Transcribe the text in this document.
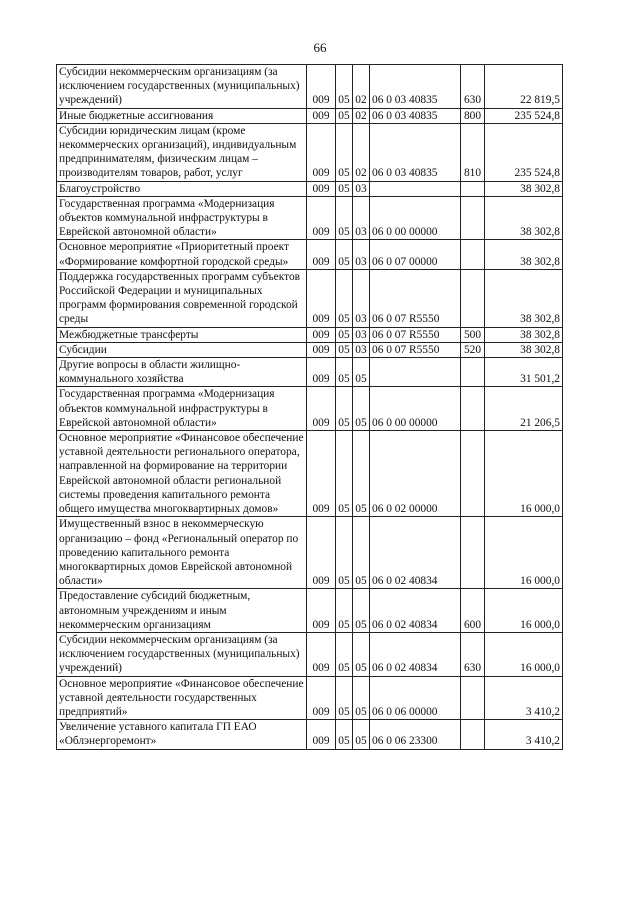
66
Субсидии некоммерческим организациям (за исключением государственных (муниципальных) учреждений)	009	05	02	06 0 03 40835	630	22 819,5
Иные бюджетные ассигнования	009	05	02	06 0 03 40835	800	235 524,8
Субсидии юридическим лицам (кроме некоммерческих организаций), индивидуальным предпринимателям, физическим лицам – производителям товаров, работ, услуг	009	05	02	06 0 03 40835	810	235 524,8
Благоустройство	009	05	03			38 302,8
Государственная программа «Модернизация объектов коммунальной инфраструктуры в Еврейской автономной области»	009	05	03	06 0 00 00000		38 302,8
Основное мероприятие «Приоритетный проект «Формирование комфортной городской среды»	009	05	03	06 0 07 00000		38 302,8
Поддержка государственных программ субъектов Российской Федерации и муниципальных программ формирования современной городской среды	009	05	03	06 0 07 R5550		38 302,8
Межбюджетные трансферты	009	05	03	06 0 07 R5550	500	38 302,8
Субсидии	009	05	03	06 0 07 R5550	520	38 302,8
Другие вопросы в области жилищно-коммунального хозяйства	009	05	05			31 501,2
Государственная программа «Модернизация объектов коммунальной инфраструктуры в Еврейской автономной области»	009	05	05	06 0 00 00000		21 206,5
Основное мероприятие «Финансовое обеспечение уставной деятельности регионального оператора, направленной на формирование на территории Еврейской автономной области региональной системы проведения капитального ремонта общего имущества многоквартирных домов»	009	05	05	06 0 02 00000		16 000,0
Имущественный взнос в некоммерческую организацию – фонд «Региональный оператор по проведению капитального ремонта многоквартирных домов Еврейской автономной области»	009	05	05	06 0 02 40834		16 000,0
Предоставление субсидий бюджетным, автономным учреждениям и иным некоммерческим организациям	009	05	05	06 0 02 40834	600	16 000,0
Субсидии некоммерческим организациям (за исключением государственных (муниципальных) учреждений)	009	05	05	06 0 02 40834	630	16 000,0
Основное мероприятие «Финансовое обеспечение уставной деятельности государственных предприятий»	009	05	05	06 0 06 00000		3 410,2
Увеличение уставного капитала ГП ЕАО «Облэнергоремонт»	009	05	05	06 0 06 23300		3 410,2
